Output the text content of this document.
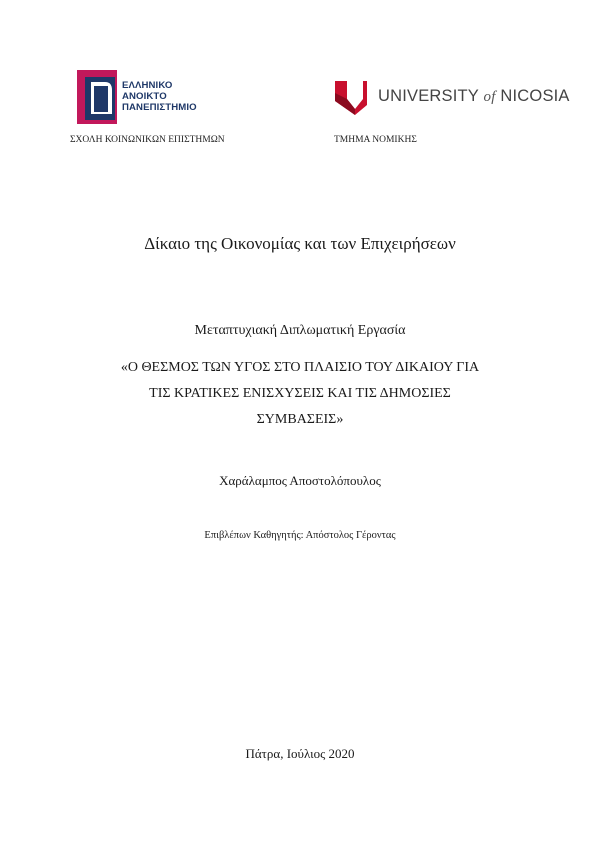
ΕΛΛΗΝΙΚΟ
ΑΝΟΙΚΤΟ
ΠΑΝΕΠΙΣΤΗΜΙΟ
UNIVERSITY of NICOSIA
ΣΧΟΛΗ ΚΟΙΝΩΝΙΚΩΝ ΕΠΙΣΤΗΜΩΝ	ΤΜΗΜΑ ΝΟΜΙΚΗΣ
Δίκαιο της Οικονομίας και των Επιχειρήσεων
Μεταπτυχιακή Διπλωματική Εργασία
«Ο ΘΕΣΜΟΣ ΤΩΝ ΥΓΟΣ ΣΤΟ ΠΛΑΙΣΙΟ ΤΟΥ ΔΙΚΑΙΟΥ ΓΙΑ
ΤΙΣ ΚΡΑΤΙΚΕΣ ΕΝΙΣΧΥΣΕΙΣ ΚΑΙ ΤΙΣ ΔΗΜΟΣΙΕΣ
ΣΥΜΒΑΣΕΙΣ»
Χαράλαμπος Αποστολόπουλος
Επιβλέπων Καθηγητής: Απόστολος Γέροντας
Πάτρα, Ιούλιος 2020
